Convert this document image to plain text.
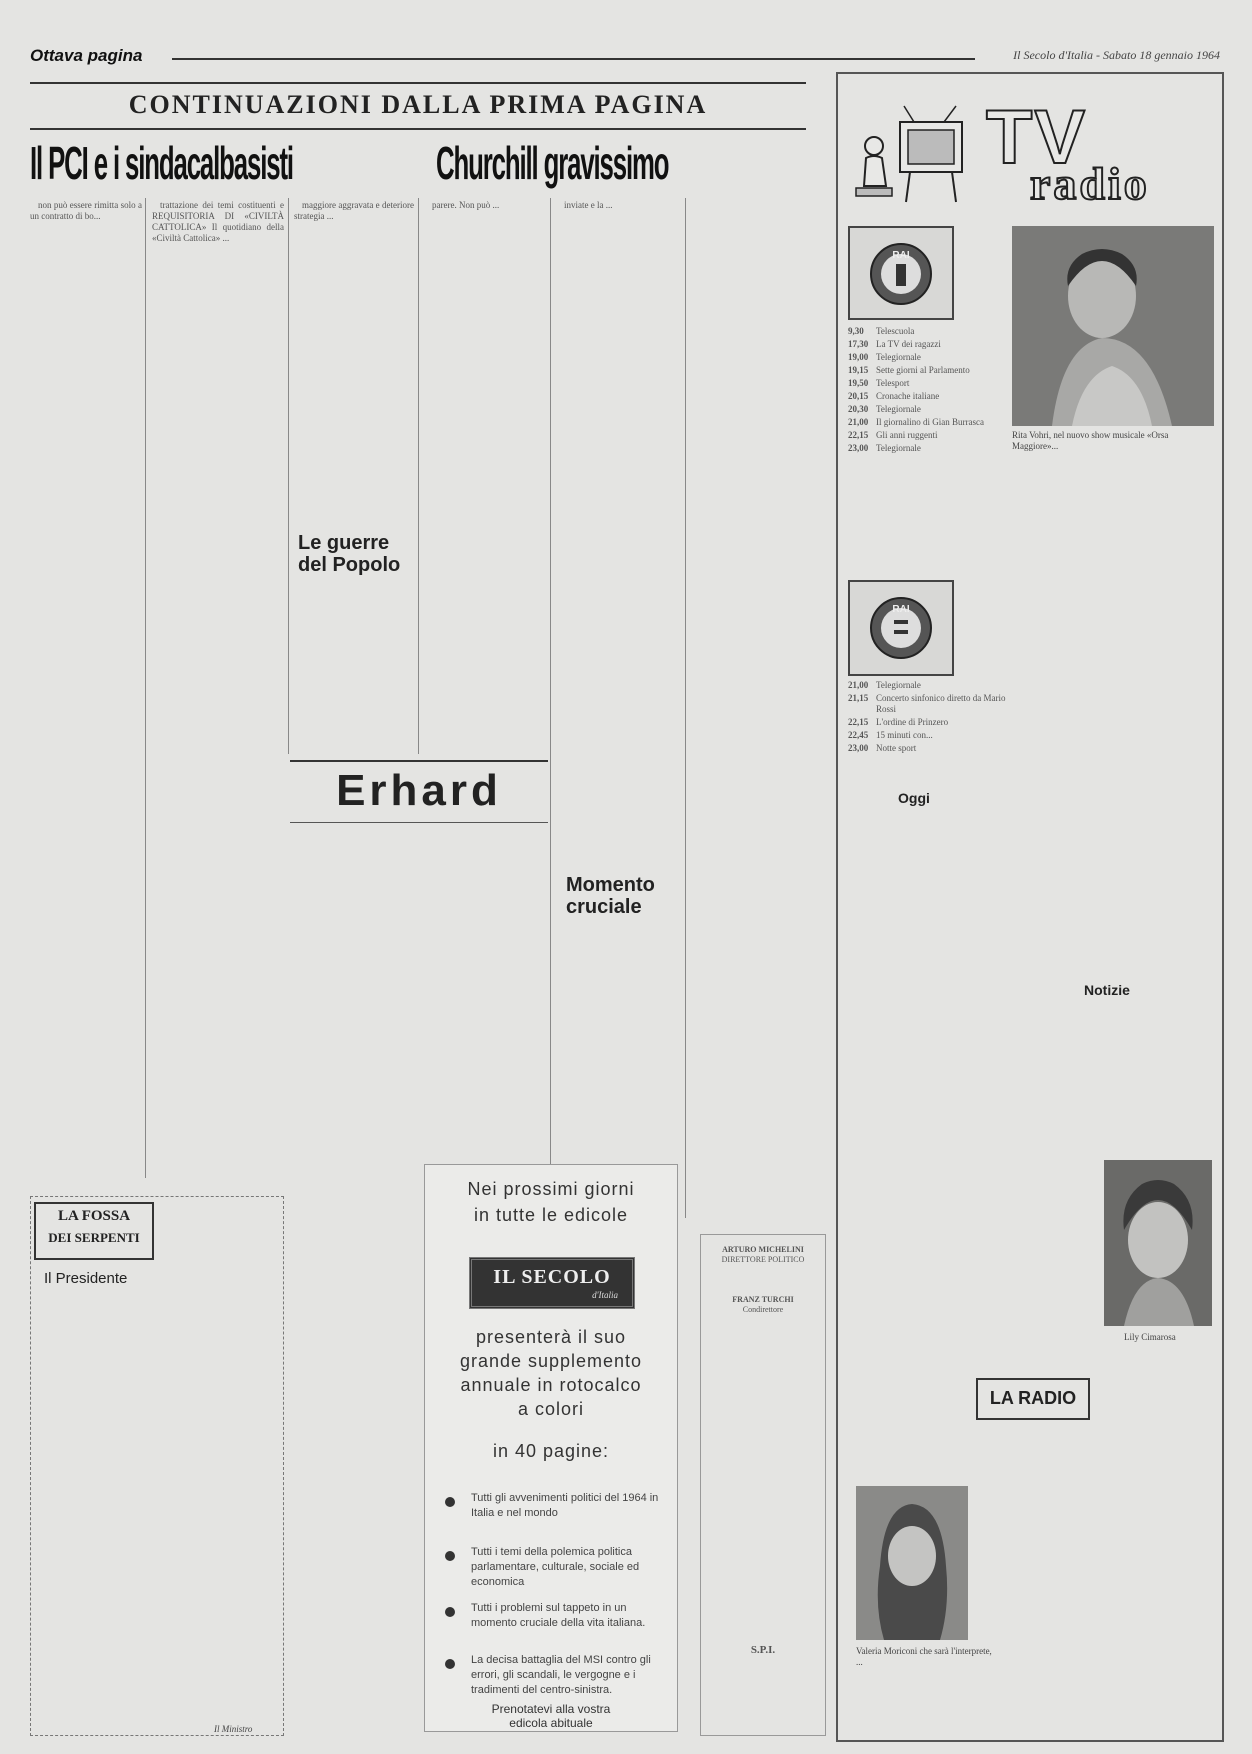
Ottava pagina	Il Secolo d'Italia - Sabato 18 gennaio 1964
CONTINUAZIONI DALLA PRIMA PAGINA
Il PCI e i sindacalbasisti	Churchill gravissimo

non può essere rimitta solo a un contratto di bo...

trattazione dei temi costituenti e REQUISITORIA DI «CIVILTÀ CATTOLICA» Il quotidiano della «Civiltà Cattolica» ...

maggiore aggravata e deteriore strategia ...

Le guerre del Popolo

parere. Non può ...	inviate e la ...

Erhard
Momento cruciale
LA FOSSA
DEI SERPENTI
Il Presidente
Il Ministro
Nei prossimi giorni
in tutte le edicole
IL SECOLO
d'Italia
presenterà il suo
grande supplemento
annuale in rotocalco
a colori
in 40 pagine:
Tutti gli avvenimenti politici del 1964 in Italia e nel mondo
Tutti i temi della polemica politica parlamentare, culturale, sociale ed economica
Tutti i problemi sul tappeto in un momento cruciale della vita italiana.
La decisa battaglia del MSI contro gli errori, gli scandali, le vergogne e i tradimenti del centro-sinistra.
Prenotatevi alla vostra
edicola abituale
ARTURO MICHELINI
DIRETTORE POLITICO
FRANZ TURCHI
Condirettore
S.P.I.
TV
radio
RAI
Rita Vohri, nel nuovo show musicale «Orsa Maggiore»...
9,30	Telescuola
17,30 La TV dei ragazzi
19,00 Telegiornale
19,15 Sette giorni al Parlamento
19,50 Telesport
20,15 Cronache italiane
20,30 Telegiornale
21,00 Il giornalino di Gian Burrasca
22,15 Gli anni ruggenti
23,00 Telegiornale
RAI
21,00 Telegiornale
21,15 Concerto sinfonico diretto da Mario Rossi
22,15 L'ordine di Prinzero
22,45 15 minuti con...
23,00 Notte sport
Oggi
Notizie
Lily Cimarosa
LA RADIO
Valeria Moriconi che sarà l'interprete, ...
